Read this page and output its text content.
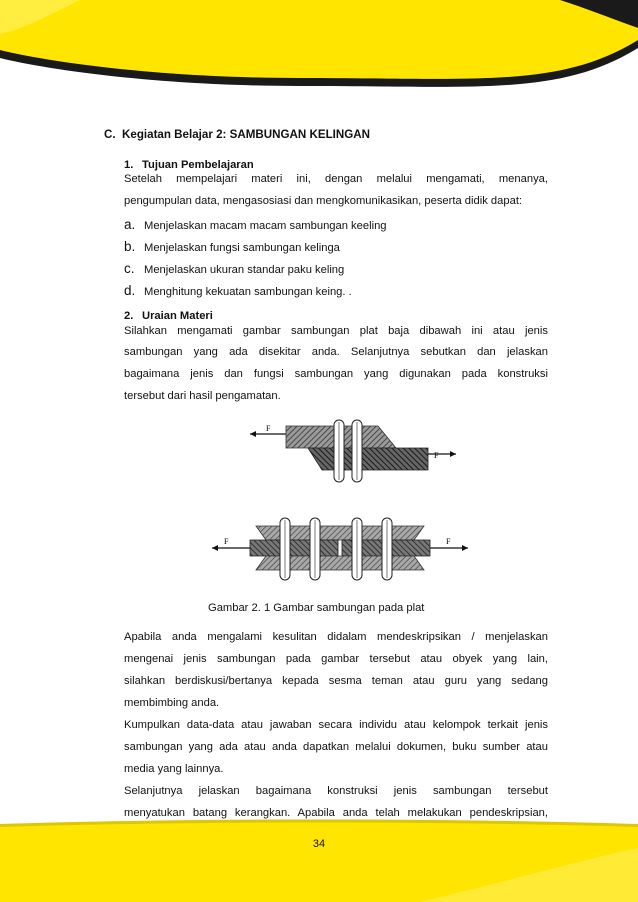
C. Kegiatan Belajar 2: SAMBUNGAN KELINGAN
1. Tujuan Pembelajaran
Setelah mempelajari materi ini, dengan melalui mengamati, menanya,
pengumpulan data, mengasosiasi dan mengkomunikasikan, peserta didik dapat:
a. Menjelaskan macam macam sambungan keeling
b. Menjelaskan fungsi sambungan kelinga
c. Menjelaskan ukuran standar paku keling
d. Menghitung kekuatan sambungan keing. .
2. Uraian Materi
Silahkan mengamati gambar sambungan plat baja dibawah ini atau jenis
sambungan yang ada disekitar anda. Selanjutnya sebutkan dan jelaskan
bagaimana jenis dan fungsi sambungan yang digunakan pada konstruksi
tersebut dari hasil pengamatan.
F
F
F	F
Gambar 2. 1 Gambar sambungan pada plat
Apabila anda mengalami kesulitan didalam mendeskripsikan / menjelaskan
mengenai jenis sambungan pada gambar tersebut atau obyek yang lain,
silahkan berdiskusi/bertanya kepada sesma teman atau guru yang sedang
membimbing anda.
Kumpulkan data-data atau jawaban secara individu atau kelompok terkait jenis
sambungan yang ada atau anda dapatkan melalui dokumen, buku sumber atau
media yang lainnya.
Selanjutnya jelaskan bagaimana konstruksi jenis sambungan tersebut
menyatukan batang kerangkan. Apabila anda telah melakukan pendeskripsian,
34
